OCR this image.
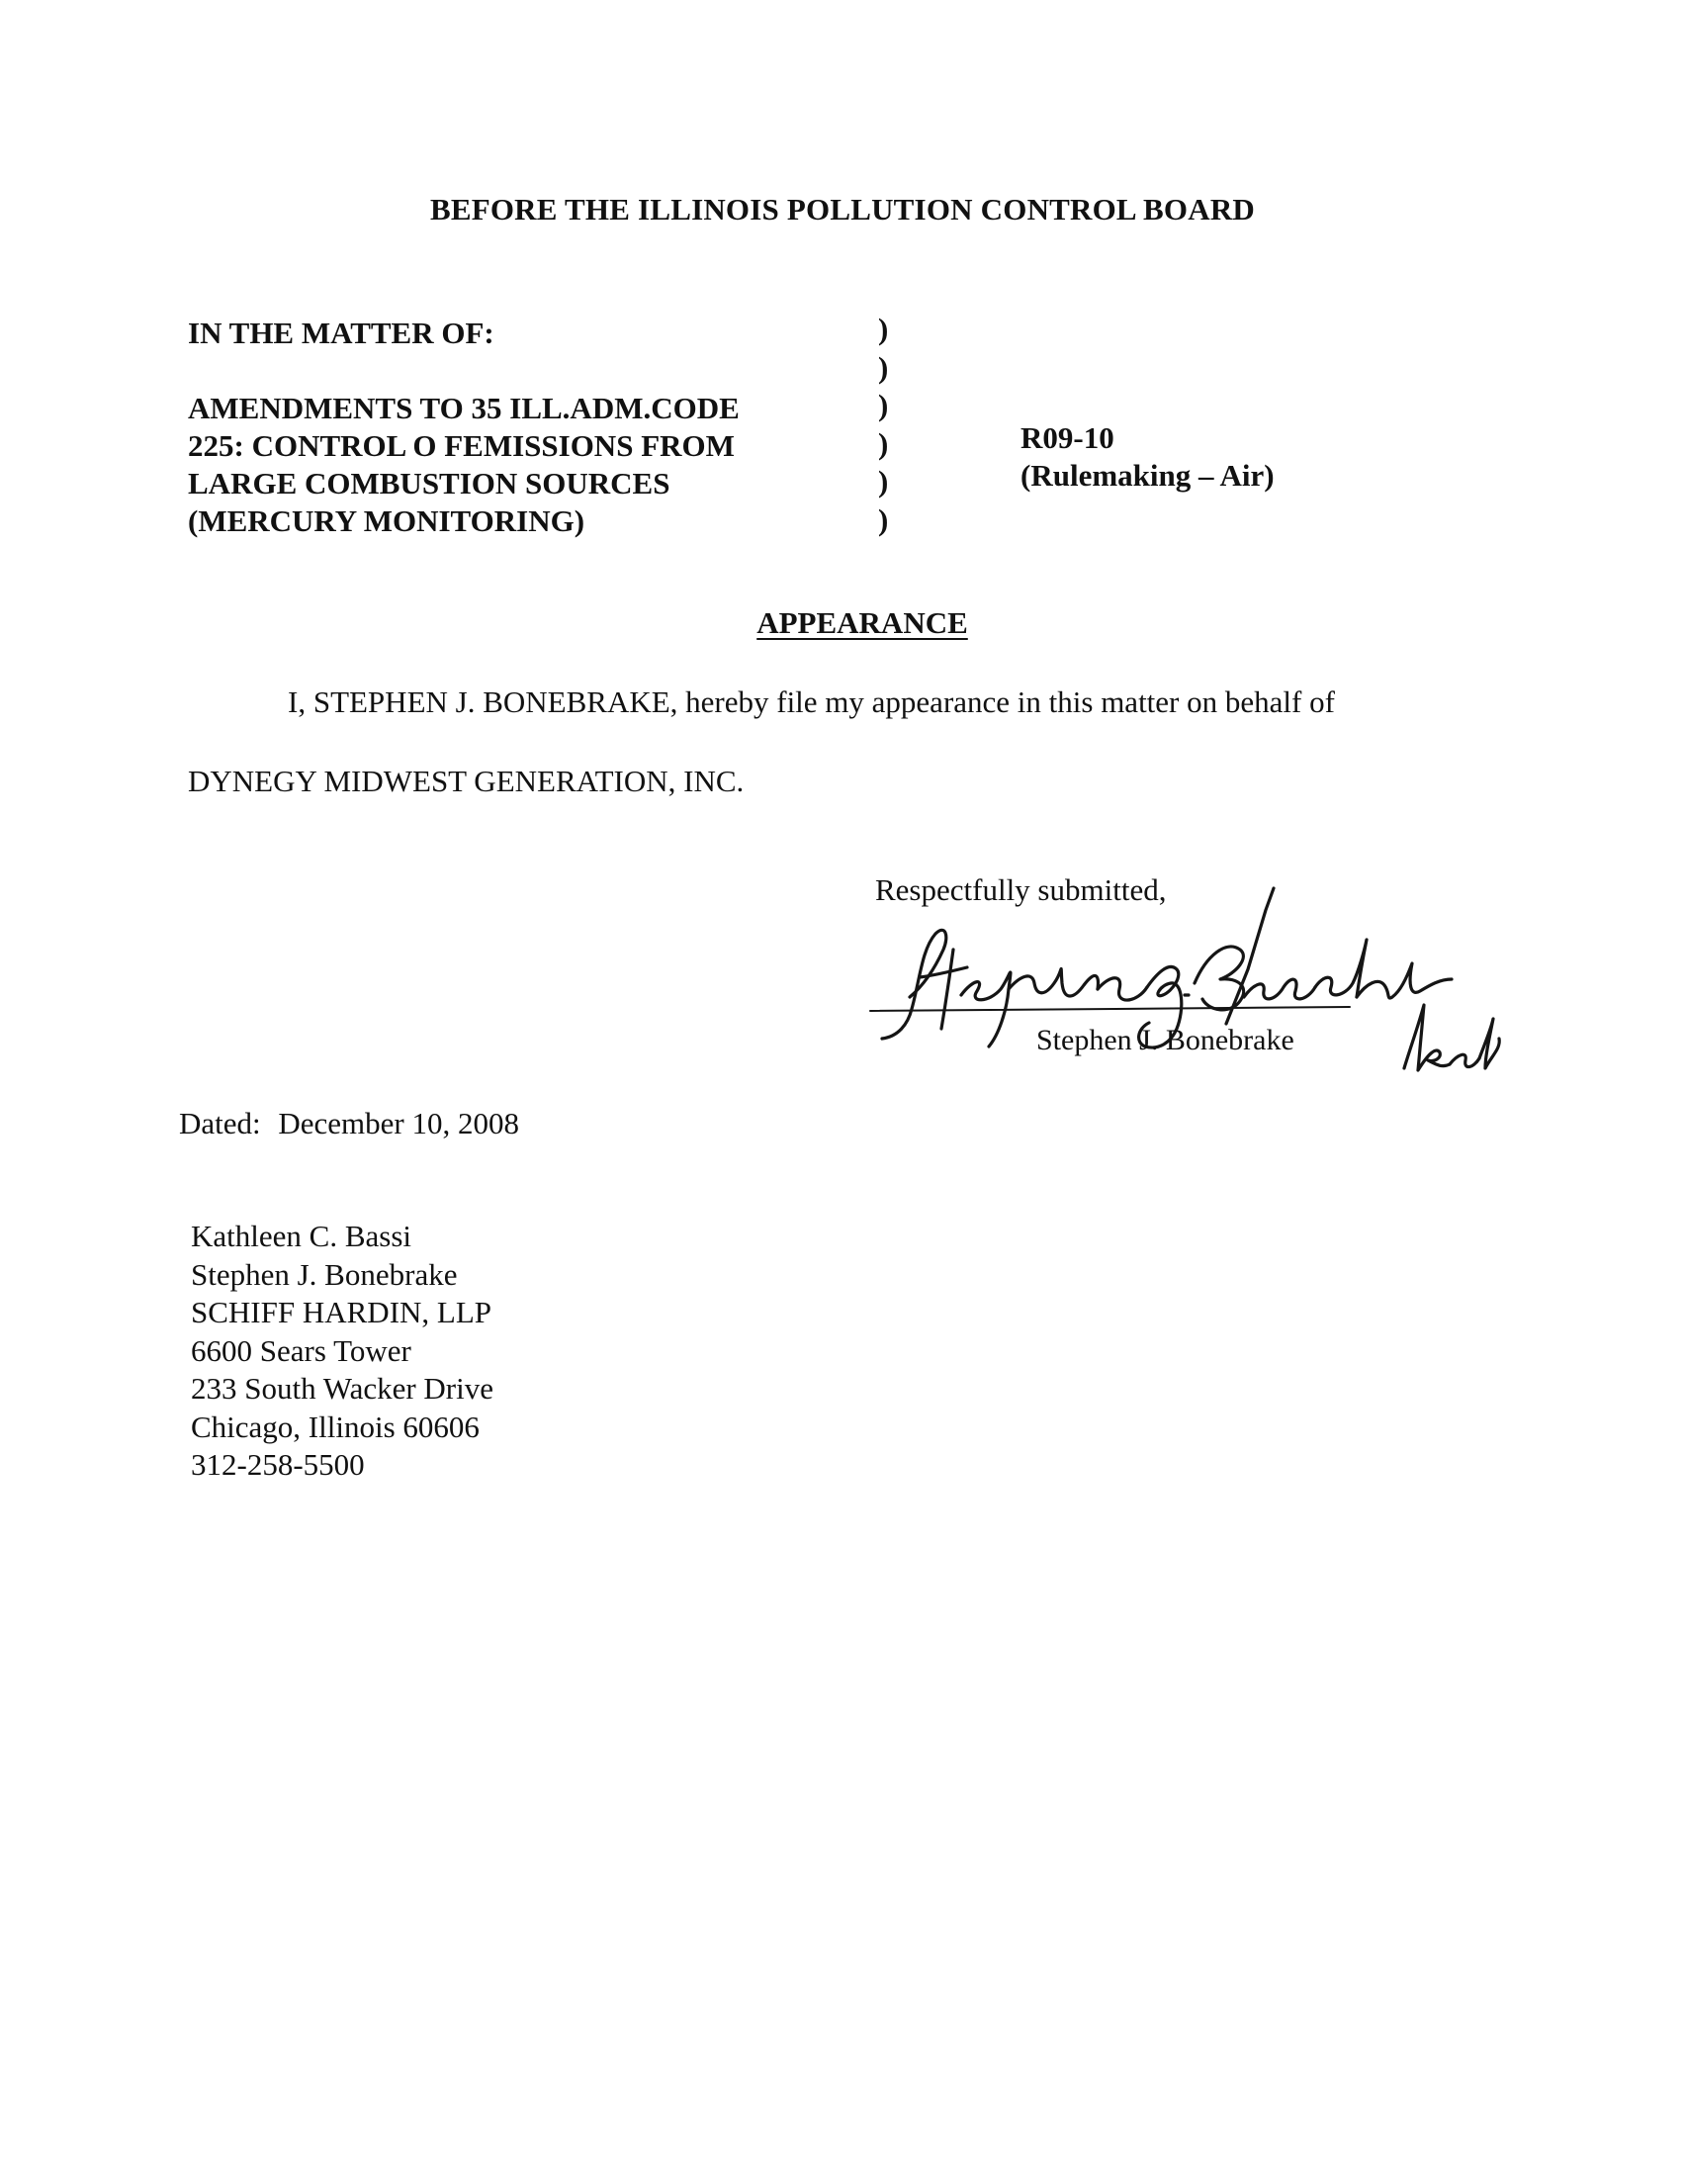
BEFORE THE ILLINOIS POLLUTION CONTROL BOARD
IN THE MATTER OF:
AMENDMENTS TO 35 ILL.ADM.CODE
225: CONTROL O FEMISSIONS FROM
LARGE COMBUSTION SOURCES
(MERCURY MONITORING)
)
)
)
)
)
)
R09-10
(Rulemaking – Air)
APPEARANCE
I, STEPHEN J. BONEBRAKE, hereby file my appearance in this matter on behalf of
DYNEGY MIDWEST GENERATION, INC.
Respectfully submitted,
Stephen J. Bonebrake
Dated: December 10, 2008
Kathleen C. Bassi
Stephen J. Bonebrake
SCHIFF HARDIN, LLP
6600 Sears Tower
233 South Wacker Drive
Chicago, Illinois 60606
312-258-5500
